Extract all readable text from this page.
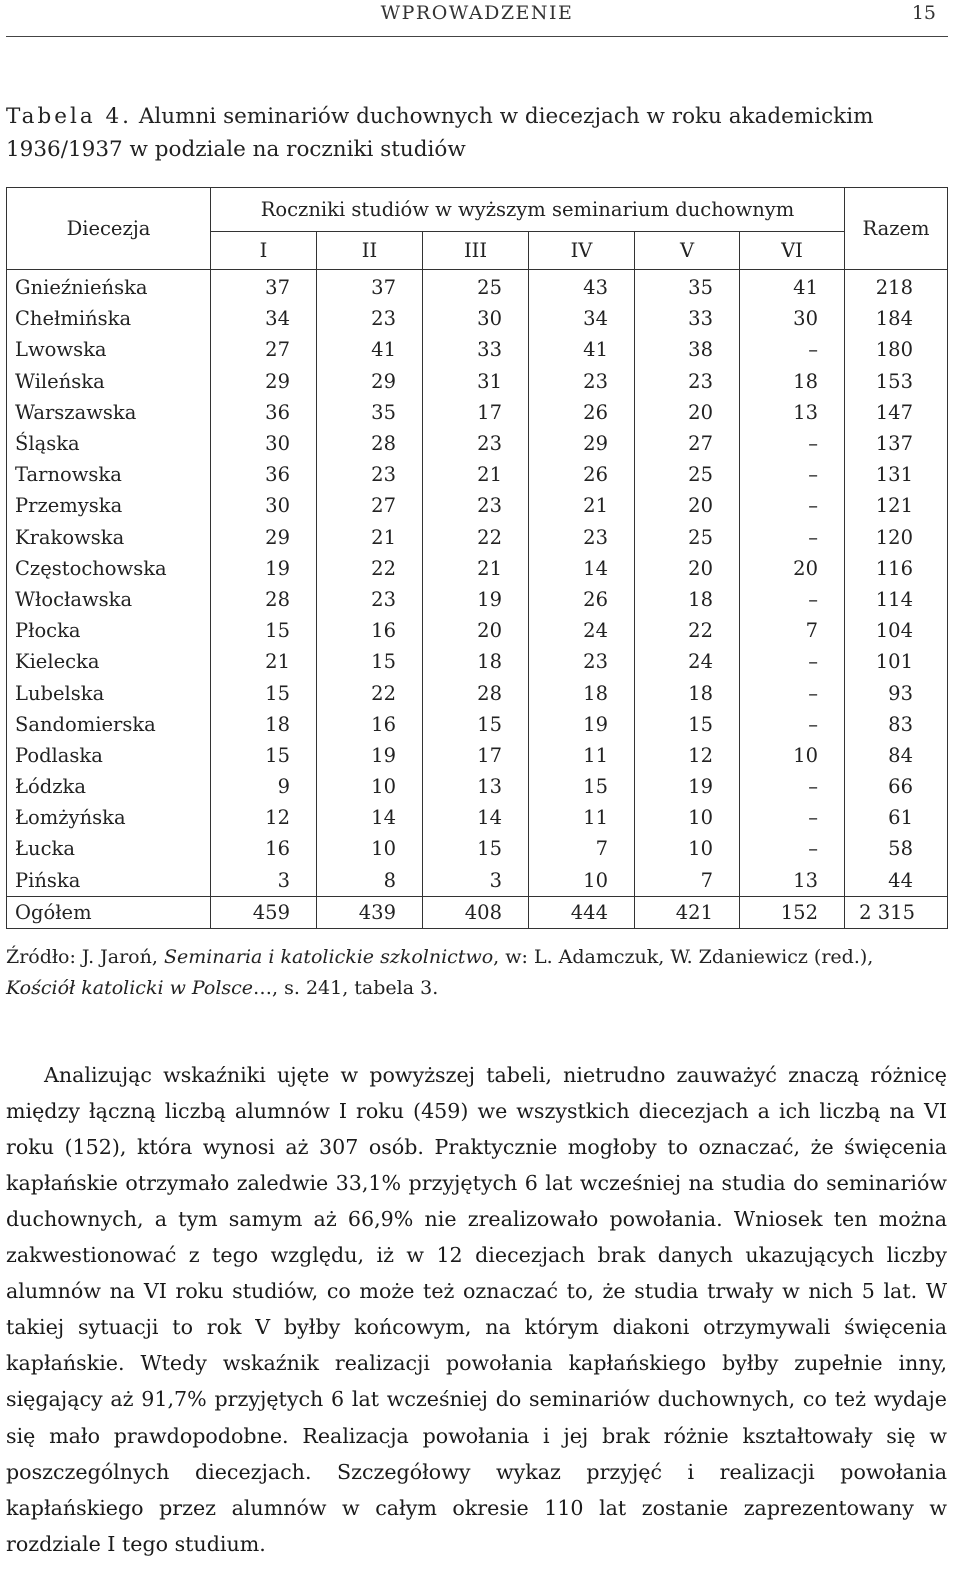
WPROWADZENIE	15
Tabela 4. Alumni seminariów duchownych w diecezjach w roku akademickim 1936/1937 w podziale na roczniki studiów
Diecezja	Roczniki studiów w wyższym seminarium duchownym						Razem
	I	II	III	IV	V	VI	
Gnieźnieńska	37	37	25	43	35	41	218
Chełmińska	34	23	30	34	33	30	184
Lwowska	27	41	33	41	38	–	180
Wileńska	29	29	31	23	23	18	153
Warszawska	36	35	17	26	20	13	147
Śląska	30	28	23	29	27	–	137
Tarnowska	36	23	21	26	25	–	131
Przemyska	30	27	23	21	20	–	121
Krakowska	29	21	22	23	25	–	120
Częstochowska	19	22	21	14	20	20	116
Włocławska	28	23	19	26	18	–	114
Płocka	15	16	20	24	22	7	104
Kielecka	21	15	18	23	24	–	101
Lubelska	15	22	28	18	18	–	93
Sandomierska	18	16	15	19	15	–	83
Podlaska	15	19	17	11	12	10	84
Łódzka	9	10	13	15	19	–	66
Łomżyńska	12	14	14	11	10	–	61
Łucka	16	10	15	7	10	–	58
Pińska	3	8	3	10	7	13	44
Ogółem	459	439	408	444	421	152	2 315
Źródło: J. Jaroń, Seminaria i katolickie szkolnictwo, w: L. Adamczuk, W. Zdaniewicz (red.),
Kościół katolicki w Polsce…, s. 241, tabela 3.

Analizując wskaźniki ujęte w powyższej tabeli, nietrudno zauważyć znaczą różnicę między łączną liczbą alumnów I roku (459) we wszystkich diecezjach a ich liczbą na VI roku (152), która wynosi aż 307 osób. Praktycznie mogłoby to oznaczać, że święcenia kapłańskie otrzymało zaledwie 33,1% przyjętych 6 lat wcześniej na studia do seminariów duchownych, a tym samym aż 66,9% nie zrealizowało powołania. Wniosek ten można zakwestionować z tego względu, iż w 12 diecezjach brak danych ukazujących liczby alumnów na VI roku studiów, co może też oznaczać to, że studia trwały w nich 5 lat. W takiej sytuacji to rok V byłby końcowym, na którym diakoni otrzymywali święcenia kapłańskie. Wtedy wskaźnik realizacji powołania kapłańskiego byłby zupełnie inny, sięgający aż 91,7% przyjętych 6 lat wcześniej do seminariów duchownych, co też wydaje się mało prawdopodobne. Realizacja powołania i jej brak różnie kształtowały się w poszczególnych diecezjach. Szczegółowy wykaz przyjęć i realizacji powołania kapłańskiego przez alumnów w całym okresie 110 lat zostanie zaprezentowany w rozdziale I tego studium.
